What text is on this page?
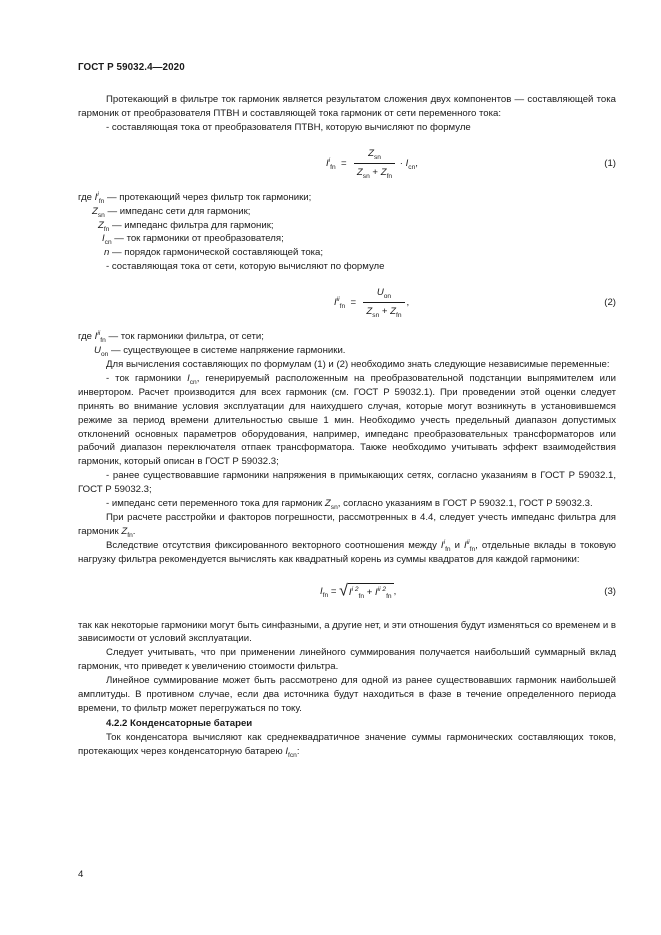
ГОСТ Р 59032.4—2020

Протекающий в фильтре ток гармоник является результатом сложения двух компонентов — составляющей тока гармоник от преобразователя ПТВН и составляющей тока гармоник от сети переменного тока:

- составляющая тока от преобразователя ПТВН, которую вычисляют по формуле

$I^i_{fn} = \frac{Z_{sn}}{Z_{sn} + Z_{fn}} \cdot I_{cn}$,	(1)

где $I^i_{fn}$ — протекающий через фильтр ток гармоники;

$Z_{sn}$ — импеданс сети для гармоник;

$Z_{fn}$ — импеданс фильтра для гармоник;

$I_{cn}$ — ток гармоники от преобразователя;

n — порядок гармонической составляющей тока;

- составляющая тока от сети, которую вычисляют по формуле

$I^{ii}_{fn} = \frac{U_{on}}{Z_{sn} + Z_{fn}}$ ,	(2)

где $I^{ii}_{fn}$ — ток гармоники фильтра, от сети;

$U_{on}$ — существующее в системе напряжение гармоники.

Для вычисления составляющих по формулам (1) и (2) необходимо знать следующие независимые переменные:

- ток гармоники $I_{cn}$, генерируемый расположенным на преобразовательной подстанции выпрямителем или инвертором. Расчет производится для всех гармоник (см. ГОСТ Р 59032.1). При проведении этой оценки следует принять во внимание условия эксплуатации для наихудшего случая, которые могут возникнуть в установившемся режиме за период времени длительностью свыше 1 мин. Необходимо учесть предельный диапазон допустимых отклонений основных параметров оборудования, например, импеданс преобразовательных трансформаторов или рабочий диапазон переключателя отпаек трансформатора. Также необходимо учитывать эффект взаимодействия гармоник, который описан в ГОСТ Р 59032.3;

- ранее существовавшие гармоники напряжения в примыкающих сетях, согласно указаниям в ГОСТ Р 59032.1, ГОСТ Р 59032.3;

- импеданс сети переменного тока для гармоник $Z_{sn}$, согласно указаниям в ГОСТ Р 59032.1, ГОСТ Р 59032.3.

При расчете расстройки и факторов погрешности, рассмотренных в 4.4, следует учесть импеданс фильтра для гармоник $Z_{fn}$.

Вследствие отсутствия фиксированного векторного соотношения между $I^i_{fn}$ и $I^{ii}_{fn}$, отдельные вклады в токовую нагрузку фильтра рекомендуется вычислять как квадратный корень из суммы квадратов для каждой гармоники:

$I_{fn} = √I^{i 2}_{fn} + I^{ii 2}_{fn}$ ,	(3)

так как некоторые гармоники могут быть синфазными, а другие нет, и эти отношения будут изменяться со временем и в зависимости от условий эксплуатации.

Следует учитывать, что при применении линейного суммирования получается наибольший суммарный вклад гармоник, что приведет к увеличению стоимости фильтра.

Линейное суммирование может быть рассмотрено для одной из ранее существовавших гармоник наибольшей амплитуды. В противном случае, если два источника будут находиться в фазе в течение определенного периода времени, то фильтр может перегружаться по току.

4.2.2 Конденсаторные батареи

Ток конденсатора вычисляют как среднеквадратичное значение суммы гармонических составляющих токов, протекающих через конденсаторную батарею $I_{fcn}$:

4
